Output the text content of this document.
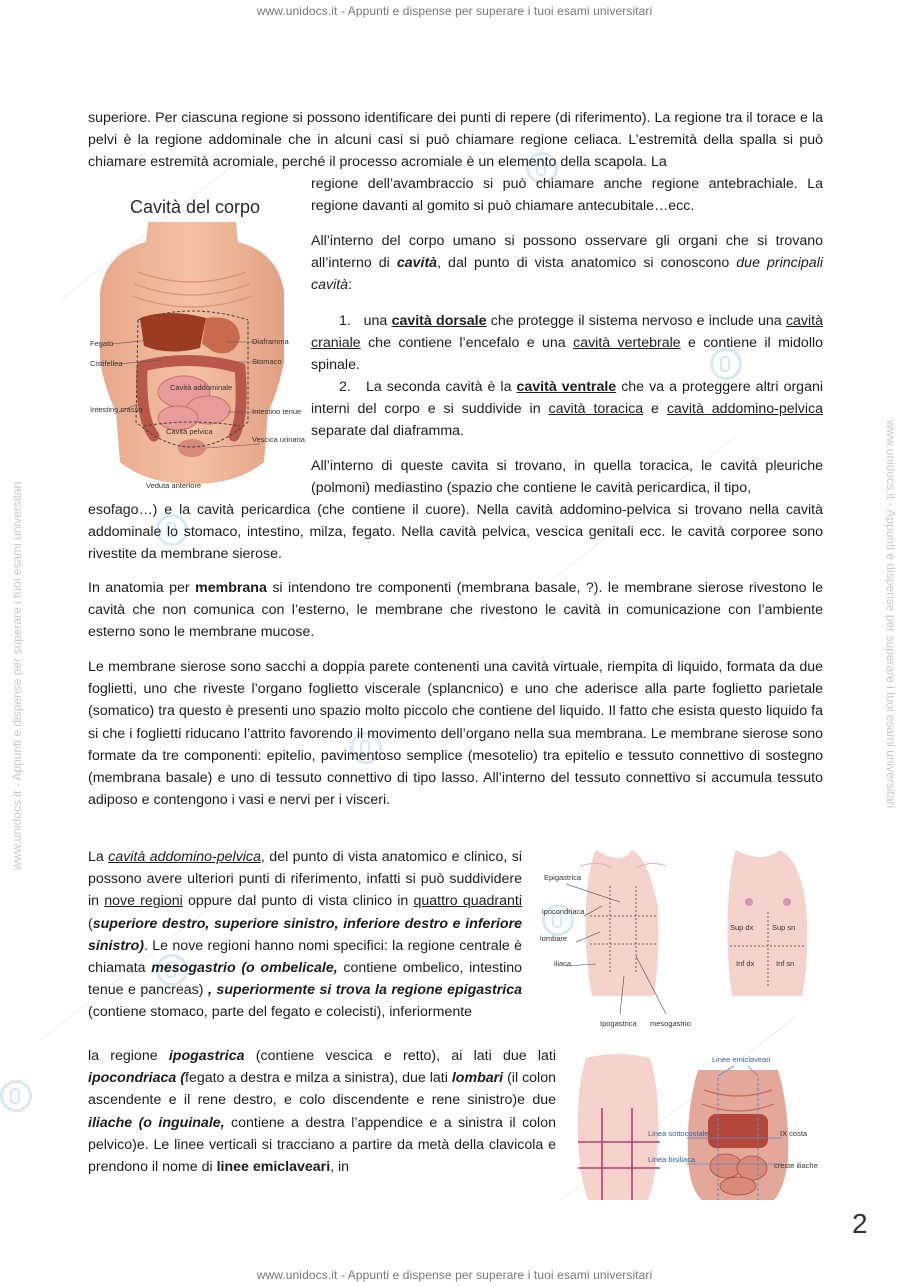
www.unidocs.it - Appunti e dispense per superare i tuoi esami universitari
www.unidocs.it - Appunti e dispense per superare i tuoi esami universitari
www.unidocs.it - Appunti e dispense per superare i tuoi esami universitari	www.unidocs.it - Appunti e dispense per superare i tuoi esami universitari
superiore. Per ciascuna regione si possono identificare dei punti di repere (di riferimento). La regione tra il torace e la pelvi è la regione addominale che in alcuni casi si può chiamare regione celiaca. L’estremità della spalla si può chiamare estremità acromiale, perché il processo acromiale è un elemento della scapola. La
regione dell’avambraccio si può chiamare anche regione antebrachiale. La regione davanti al gomito si può chiamare antecubitale…ecc.
Cavità del corpo
Fegato
Cistifellea
Intestino crasso
Diaframma
Stomaco
Cavità addominale
Intestino tenue
Cavità pelvica
Vescica urinaria
Veduta anteriore
All’interno del corpo umano si possono osservare gli organi che si trovano all’interno di cavità, dal punto di vista anatomico si conoscono due principali cavità:
1. una cavità dorsale che protegge il sistema nervoso e include una cavità craniale che contiene l’encefalo e una cavità vertebrale e contiene il midollo spinale.
2. La seconda cavità è la cavità ventrale che va a proteggere altri organi interni del corpo e si suddivide in cavità toracica e cavità addomino-pelvica separate dal diaframma.
All’interno di queste cavita si trovano, in quella toracica, le cavità pleuriche (polmoni) mediastino (spazio che contiene le cavità pericardica, il tipo,
esofago…) e la cavità pericardica (che contiene il cuore). Nella cavità addomino-pelvica si trovano nella cavità addominale lo stomaco, intestino, milza, fegato. Nella cavità pelvica, vescica genitali ecc. le cavità corporee sono rivestite da membrane sierose.
In anatomia per membrana si intendono tre componenti (membrana basale, ?). le membrane sierose rivestono le cavità che non comunica con l’esterno, le membrane che rivestono le cavità in comunicazione con l’ambiente esterno sono le membrane mucose.
Le membrane sierose sono sacchi a doppia parete contenenti una cavità virtuale, riempita di liquido, formata da due foglietti, uno che riveste l’organo foglietto viscerale (splancnico) e uno che aderisce alla parte foglietto parietale (somatico) tra questo è presenti uno spazio molto piccolo che contiene del liquido. Il fatto che esista questo liquido fa si che i foglietti riducano l’attrito favorendo il movimento dell’organo nella sua membrana. Le membrane sierose sono formate da tre componenti: epitelio, pavimentoso semplice (mesotelio) tra epitelio e tessuto connettivo di sostegno (membrana basale) e uno di tessuto connettivo di tipo lasso. All’interno del tessuto connettivo si accumula tessuto adiposo e contengono i vasi e nervi per i visceri.
La cavità addomino-pelvica, del punto di vista anatomico e clinico, si possono avere ulteriori punti di riferimento, infatti si può suddividere in nove regioni oppure dal punto di vista clinico in quattro quadranti (superiore destro, superiore sinistro, inferiore destro e inferiore sinistro). Le nove regioni hanno nomi specifici: la regione centrale è chiamata mesogastrio (o ombelicale, contiene ombelico, intestino tenue e pancreas) , superiormente si trova la regione epigastrica (contiene stomaco, parte del fegato e colecisti), inferiormente
la regione ipogastrica (contiene vescica e retto), ai lati due lati ipocondriaca (fegato a destra e milza a sinistra), due lati lombari (il colon ascendente e il rene destro, e colo discendente e rene sinistro)e due iliache (o inguinale, contiene a destra l’appendice e a sinistra il colon pelvico)e. Le linee verticali si tracciano a partire da metà della clavicola e prendono il nome di linee emiclaveari, in
Epigastrica
ipocondriaca
lombare
iliaca
Ipogastrica mesogastrio
Sup dx Sup sn
Inf dx	Inf sn
Linee emiclaveari
Linea sottocostale
Linea bisiliaca
IX costa
creste iliache
2
